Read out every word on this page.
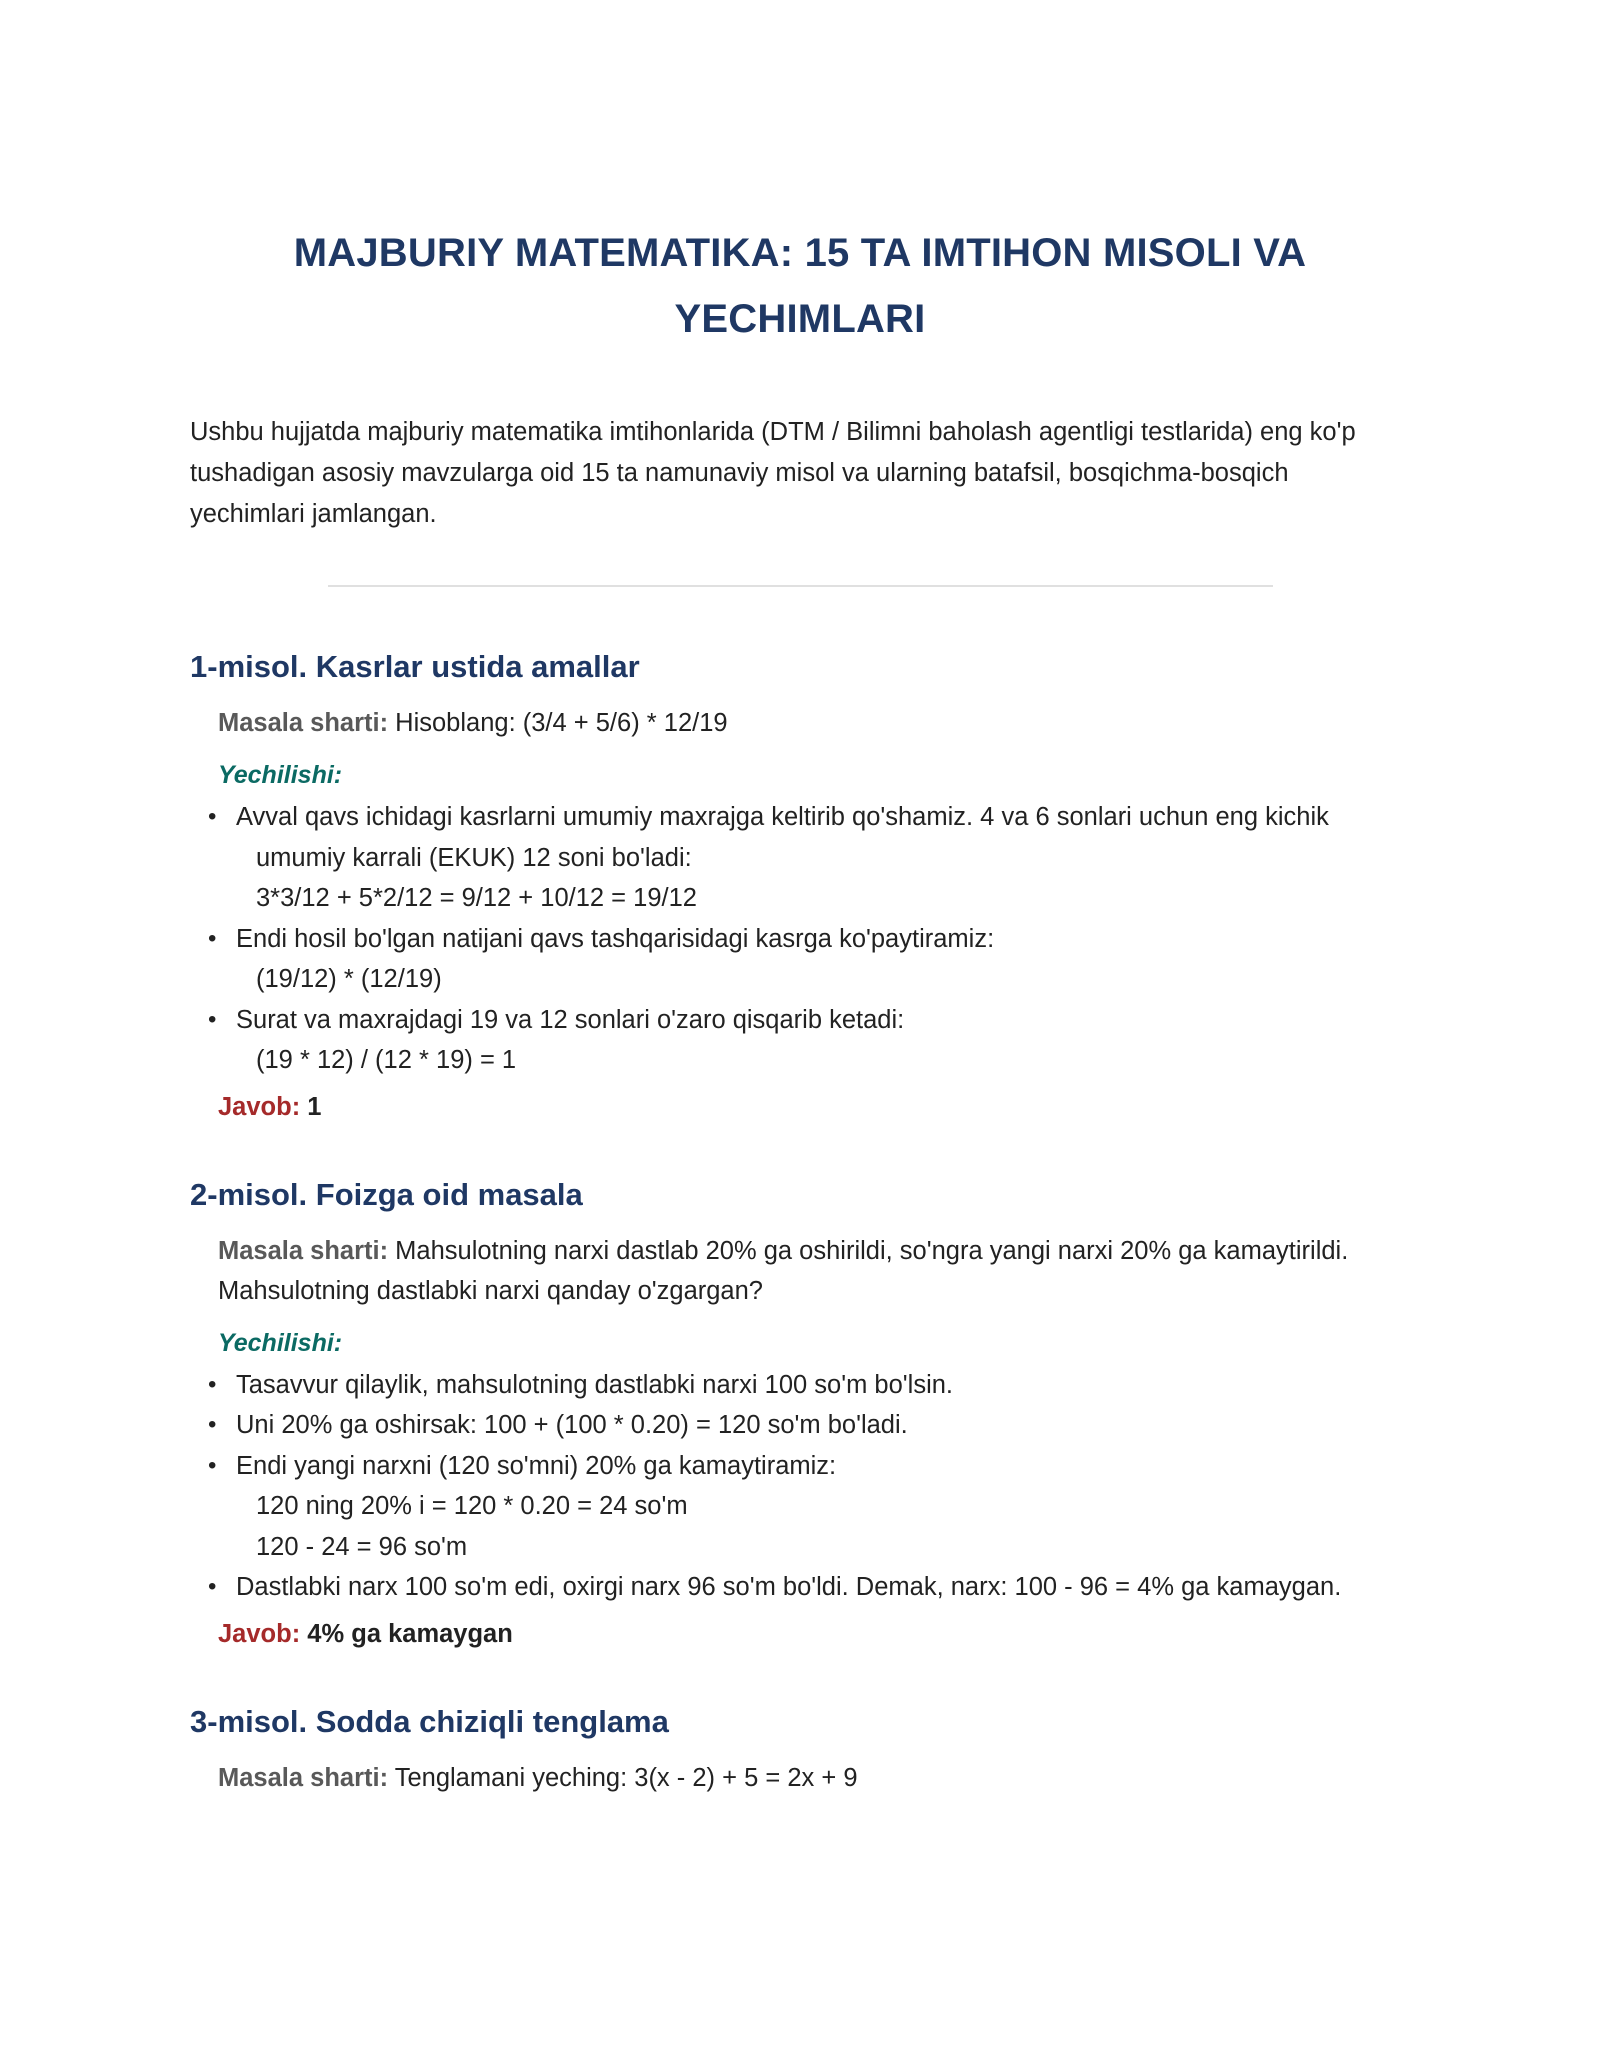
MAJBURIY MATEMATIKA: 15 TA IMTIHON MISOLI VA
YECHIMLARI

Ushbu hujjatda majburiy matematika imtihonlarida (DTM / Bilimni baholash agentligi testlarida) eng ko'p tushadigan asosiy mavzularga oid 15 ta namunaviy misol va ularning batafsil, bosqichma-bosqich yechimlari jamlangan.

1-misol. Kasrlar ustida amallar

Masala sharti: Hisoblang: (3/4 + 5/6) * 12/19

Yechilishi:
• Avval qavs ichidagi kasrlarni umumiy maxrajga keltirib qo'shamiz. 4 va 6 sonlari uchun eng kichik
umumiy karrali (EKUK) 12 soni bo'ladi:
3*3/12 + 5*2/12 = 9/12 + 10/12 = 19/12
• Endi hosil bo'lgan natijani qavs tashqarisidagi kasrga ko'paytiramiz:
(19/12) * (12/19)
• Surat va maxrajdagi 19 va 12 sonlari o'zaro qisqarib ketadi:
(19 * 12) / (12 * 19) = 1

Javob: 1

2-misol. Foizga oid masala

Masala sharti: Mahsulotning narxi dastlab 20% ga oshirildi, so'ngra yangi narxi 20% ga kamaytirildi. Mahsulotning dastlabki narxi qanday o'zgargan?

Yechilishi:
• Tasavvur qilaylik, mahsulotning dastlabki narxi 100 so'm bo'lsin.
• Uni 20% ga oshirsak: 100 + (100 * 0.20) = 120 so'm bo'ladi.
• Endi yangi narxni (120 so'mni) 20% ga kamaytiramiz:
120 ning 20% i = 120 * 0.20 = 24 so'm
120 - 24 = 96 so'm
• Dastlabki narx 100 so'm edi, oxirgi narx 96 so'm bo'ldi. Demak, narx: 100 - 96 = 4% ga kamaygan.

Javob: 4% ga kamaygan

3-misol. Sodda chiziqli tenglama

Masala sharti: Tenglamani yeching: 3(x - 2) + 5 = 2x + 9
